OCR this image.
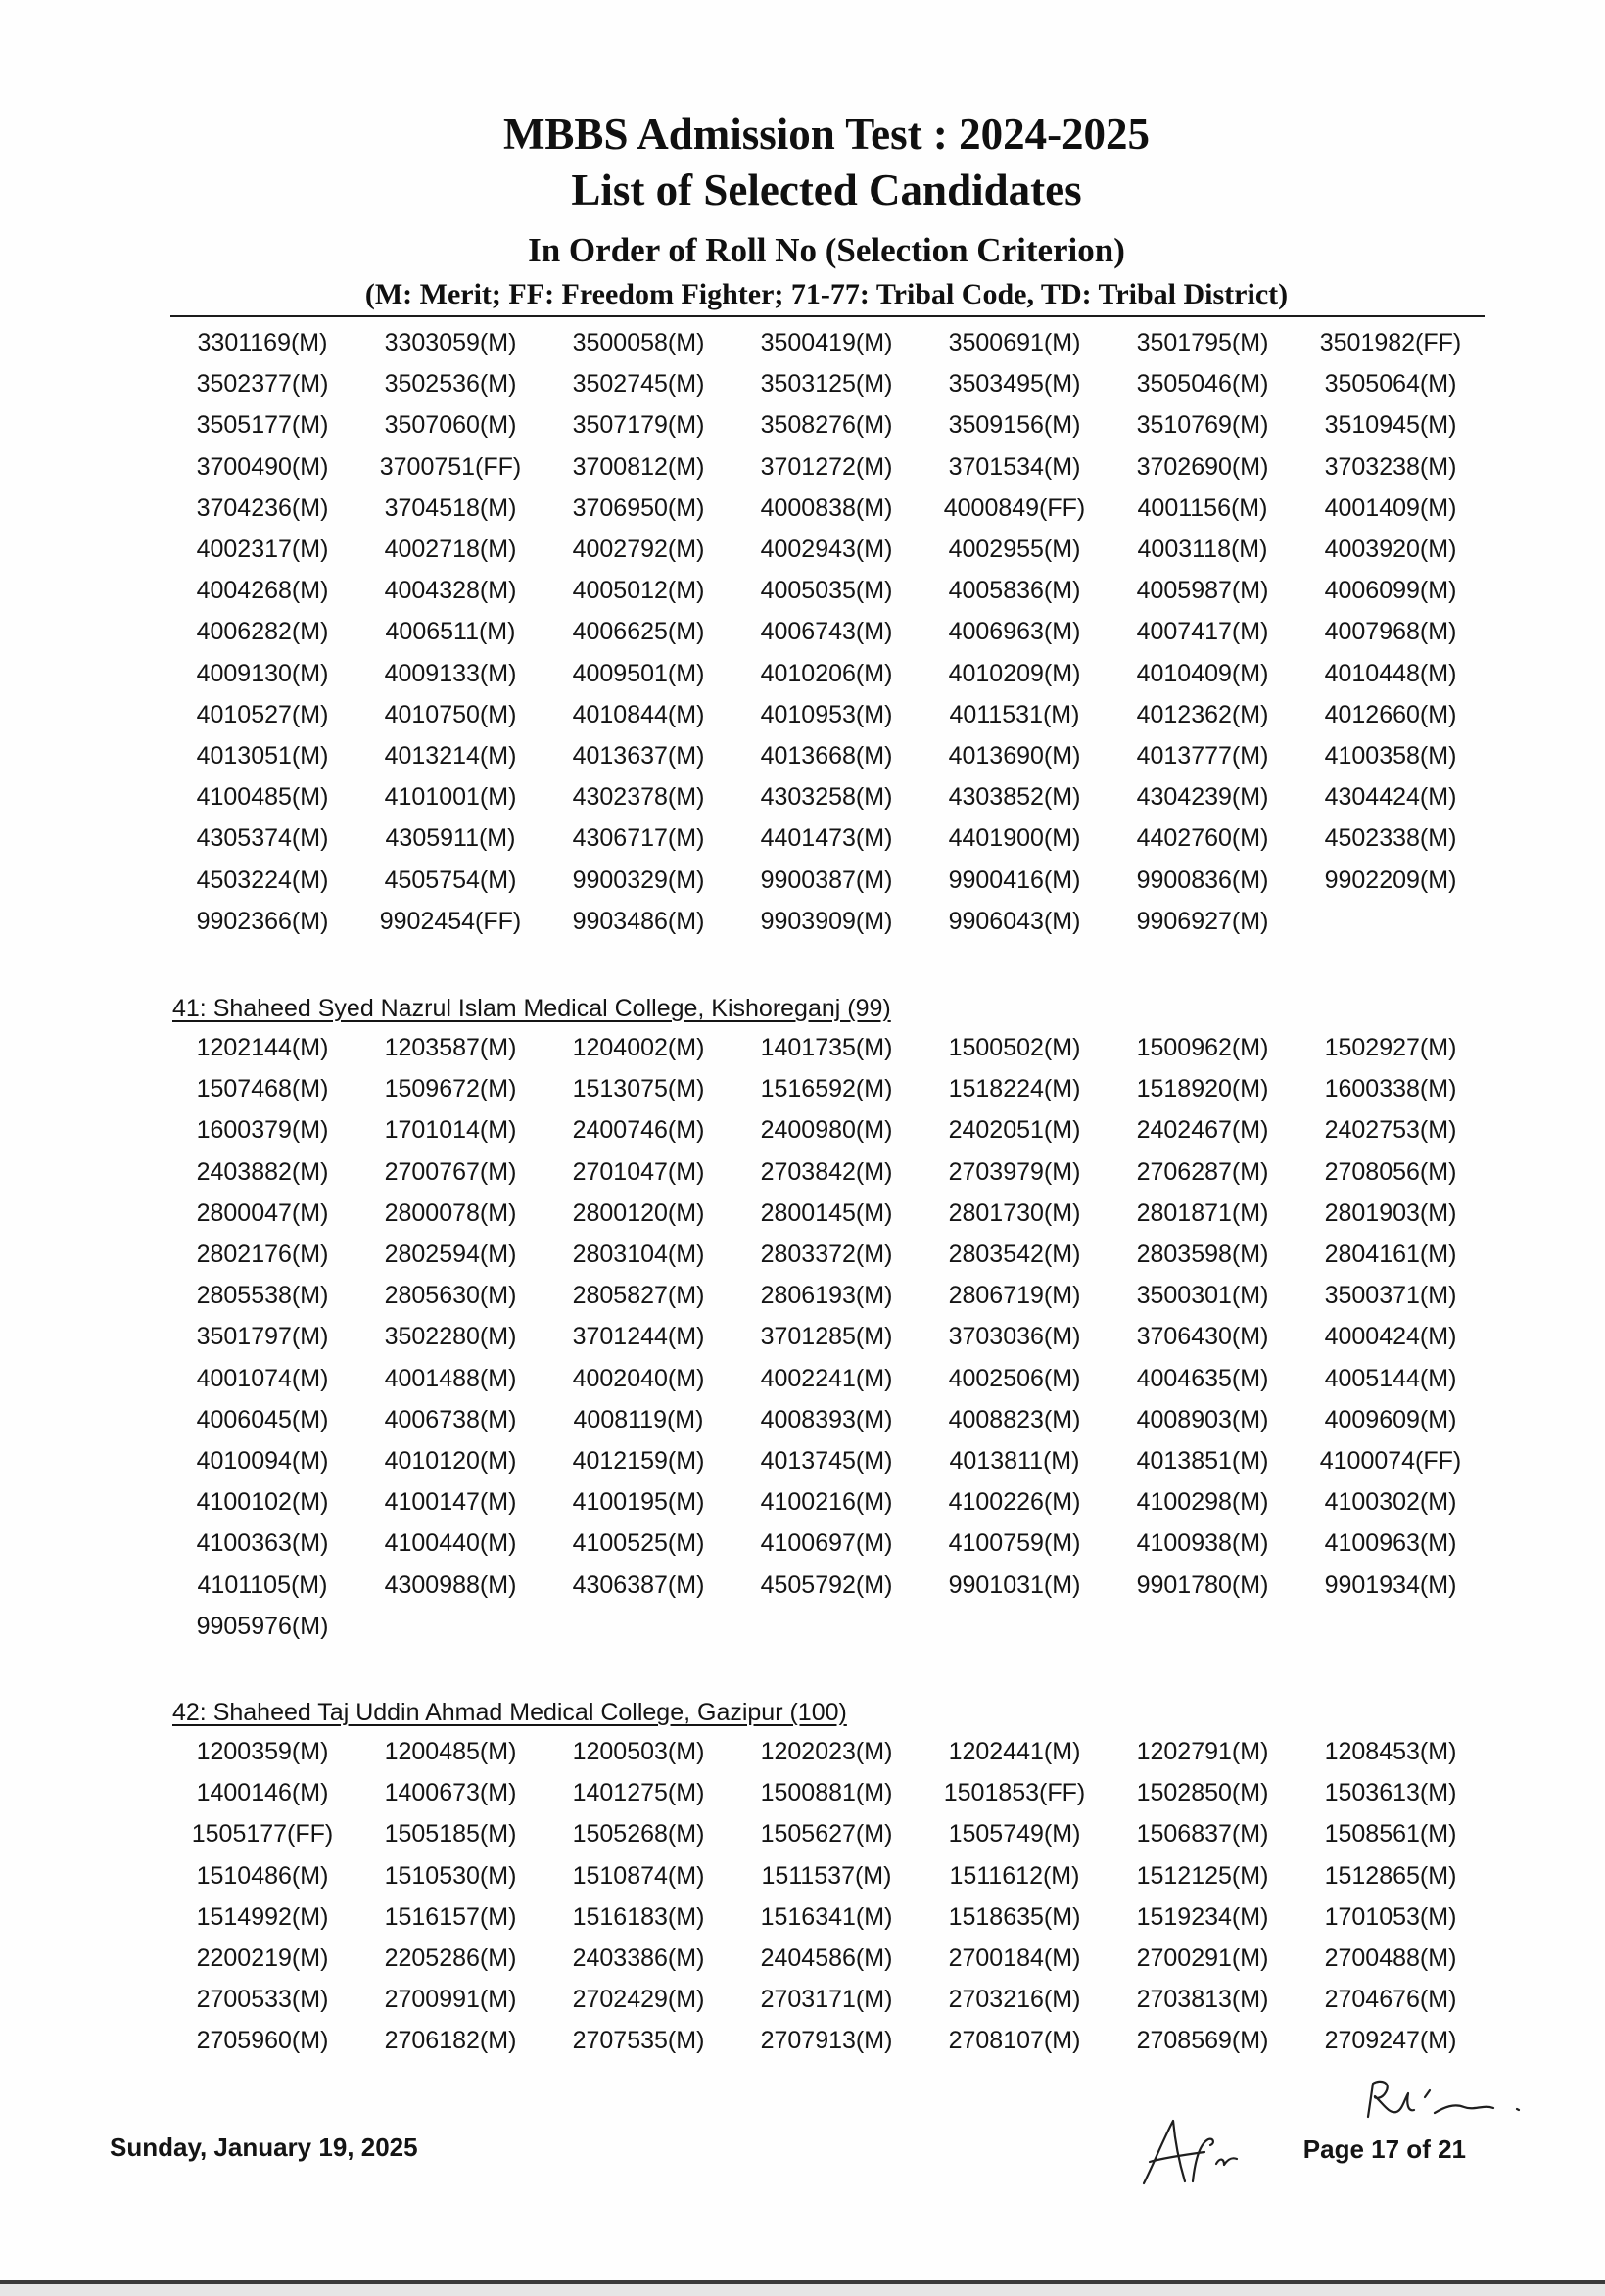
MBBS Admission Test : 2024-2025
List of Selected Candidates
In Order of Roll No (Selection Criterion)
(M: Merit; FF: Freedom Fighter; 71-77: Tribal Code, TD: Tribal District)
3301169(M) 3303059(M) 3500058(M) 3500419(M) 3500691(M) 3501795(M) 3501982(FF)
3502377(M) 3502536(M) 3502745(M) 3503125(M) 3503495(M) 3505046(M) 3505064(M)
3505177(M) 3507060(M) 3507179(M) 3508276(M) 3509156(M) 3510769(M) 3510945(M)
3700490(M) 3700751(FF) 3700812(M) 3701272(M) 3701534(M) 3702690(M) 3703238(M)
3704236(M) 3704518(M) 3706950(M) 4000838(M) 4000849(FF) 4001156(M) 4001409(M)
4002317(M) 4002718(M) 4002792(M) 4002943(M) 4002955(M) 4003118(M) 4003920(M)
4004268(M) 4004328(M) 4005012(M) 4005035(M) 4005836(M) 4005987(M) 4006099(M)
4006282(M) 4006511(M) 4006625(M) 4006743(M) 4006963(M) 4007417(M) 4007968(M)
4009130(M) 4009133(M) 4009501(M) 4010206(M) 4010209(M) 4010409(M) 4010448(M)
4010527(M) 4010750(M) 4010844(M) 4010953(M) 4011531(M) 4012362(M) 4012660(M)
4013051(M) 4013214(M) 4013637(M) 4013668(M) 4013690(M) 4013777(M) 4100358(M)
4100485(M) 4101001(M) 4302378(M) 4303258(M) 4303852(M) 4304239(M) 4304424(M)
4305374(M) 4305911(M) 4306717(M) 4401473(M) 4401900(M) 4402760(M) 4502338(M)
4503224(M) 4505754(M) 9900329(M) 9900387(M) 9900416(M) 9900836(M) 9902209(M)
9902366(M) 9902454(FF) 9903486(M) 9903909(M) 9906043(M) 9906927(M)
41: Shaheed Syed Nazrul Islam Medical College, Kishoreganj (99)
1202144(M) 1203587(M) 1204002(M) 1401735(M) 1500502(M) 1500962(M) 1502927(M)
1507468(M) 1509672(M) 1513075(M) 1516592(M) 1518224(M) 1518920(M) 1600338(M)
1600379(M) 1701014(M) 2400746(M) 2400980(M) 2402051(M) 2402467(M) 2402753(M)
2403882(M) 2700767(M) 2701047(M) 2703842(M) 2703979(M) 2706287(M) 2708056(M)
2800047(M) 2800078(M) 2800120(M) 2800145(M) 2801730(M) 2801871(M) 2801903(M)
2802176(M) 2802594(M) 2803104(M) 2803372(M) 2803542(M) 2803598(M) 2804161(M)
2805538(M) 2805630(M) 2805827(M) 2806193(M) 2806719(M) 3500301(M) 3500371(M)
3501797(M) 3502280(M) 3701244(M) 3701285(M) 3703036(M) 3706430(M) 4000424(M)
4001074(M) 4001488(M) 4002040(M) 4002241(M) 4002506(M) 4004635(M) 4005144(M)
4006045(M) 4006738(M) 4008119(M) 4008393(M) 4008823(M) 4008903(M) 4009609(M)
4010094(M) 4010120(M) 4012159(M) 4013745(M) 4013811(M) 4013851(M) 4100074(FF)
4100102(M) 4100147(M) 4100195(M) 4100216(M) 4100226(M) 4100298(M) 4100302(M)
4100363(M) 4100440(M) 4100525(M) 4100697(M) 4100759(M) 4100938(M) 4100963(M)
4101105(M) 4300988(M) 4306387(M) 4505792(M) 9901031(M) 9901780(M) 9901934(M)
9905976(M)
42: Shaheed Taj Uddin Ahmad Medical College, Gazipur (100)
1200359(M) 1200485(M) 1200503(M) 1202023(M) 1202441(M) 1202791(M) 1208453(M)
1400146(M) 1400673(M) 1401275(M) 1500881(M) 1501853(FF) 1502850(M) 1503613(M)
1505177(FF) 1505185(M) 1505268(M) 1505627(M) 1505749(M) 1506837(M) 1508561(M)
1510486(M) 1510530(M) 1510874(M) 1511537(M) 1511612(M) 1512125(M) 1512865(M)
1514992(M) 1516157(M) 1516183(M) 1516341(M) 1518635(M) 1519234(M) 1701053(M)
2200219(M) 2205286(M) 2403386(M) 2404586(M) 2700184(M) 2700291(M) 2700488(M)
2700533(M) 2700991(M) 2702429(M) 2703171(M) 2703216(M) 2703813(M) 2704676(M)
2705960(M) 2706182(M) 2707535(M) 2707913(M) 2708107(M) 2708569(M) 2709247(M)
Sunday, January 19, 2025	Page 17 of 21
